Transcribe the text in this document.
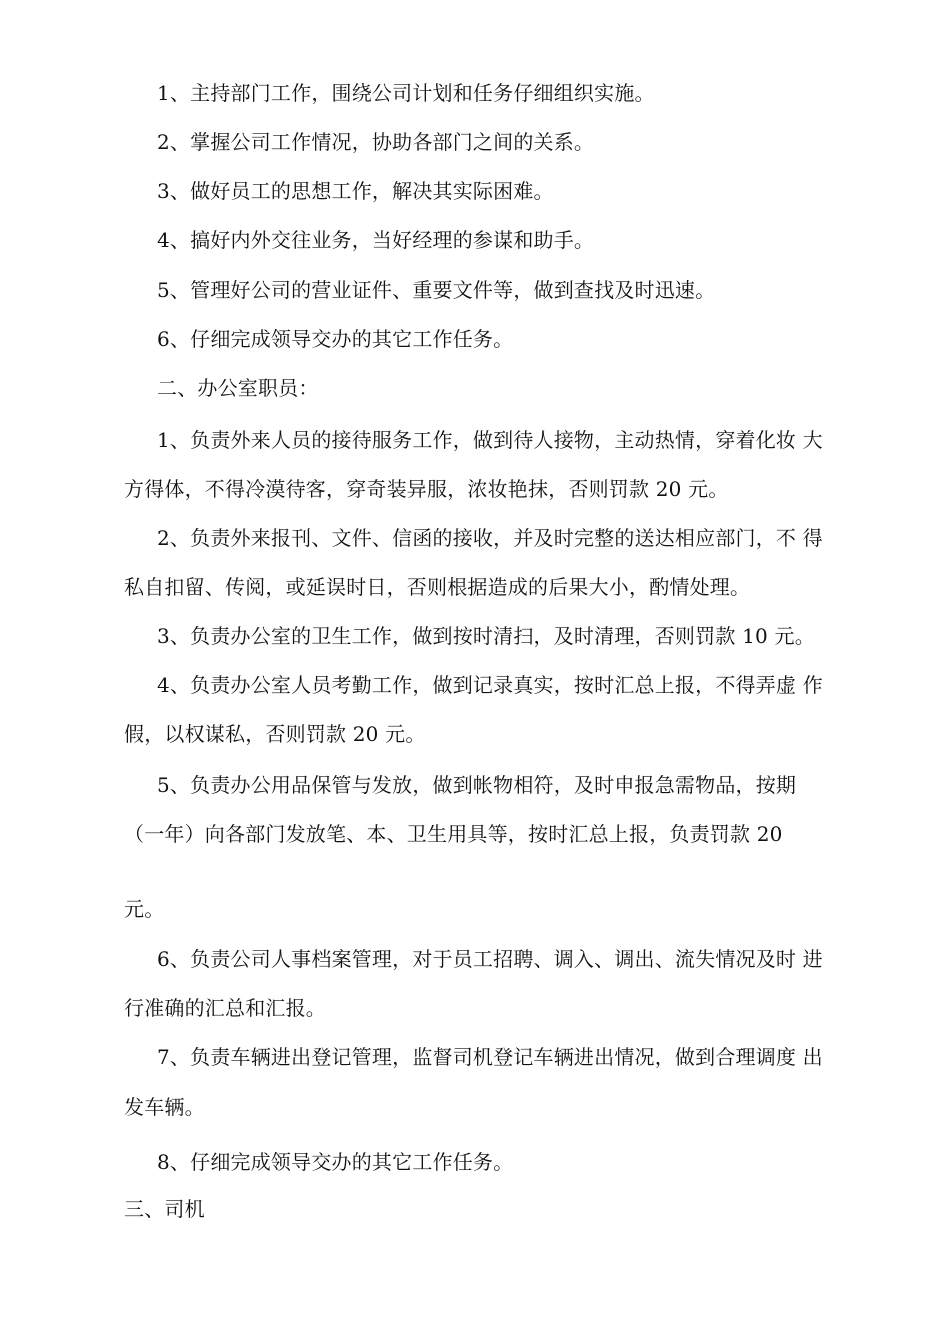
1、主持部门工作，围绕公司计划和任务仔细组织实施。
2、掌握公司工作情况，协助各部门之间的关系。
3、做好员工的思想工作，解决其实际困难。
4、搞好内外交往业务，当好经理的参谋和助手。
5、管理好公司的营业证件、重要文件等，做到查找及时迅速。
6、仔细完成领导交办的其它工作任务。
二、办公室职员：
1、负责外来人员的接待服务工作，做到待人接物，主动热情，穿着化妆 大
方得体，不得冷漠待客，穿奇装异服，浓妆艳抹，否则罚款 20 元。
2、负责外来报刊、文件、信函的接收，并及时完整的送达相应部门，不 得
私自扣留、传阅，或延误时日，否则根据造成的后果大小，酌情处理。
3、负责办公室的卫生工作，做到按时清扫，及时清理，否则罚款 10 元。
4、负责办公室人员考勤工作，做到记录真实，按时汇总上报，不得弄虚 作
假，以权谋私，否则罚款 20 元。
5、负责办公用品保管与发放，做到帐物相符，及时申报急需物品，按期
（一年）向各部门发放笔、本、卫生用具等，按时汇总上报，负责罚款 20
元。
6、负责公司人事档案管理，对于员工招聘、调入、调出、流失情况及时 进
行准确的汇总和汇报。
7、负责车辆进出登记管理，监督司机登记车辆进出情况，做到合理调度 出
发车辆。
8、仔细完成领导交办的其它工作任务。
三、司机
